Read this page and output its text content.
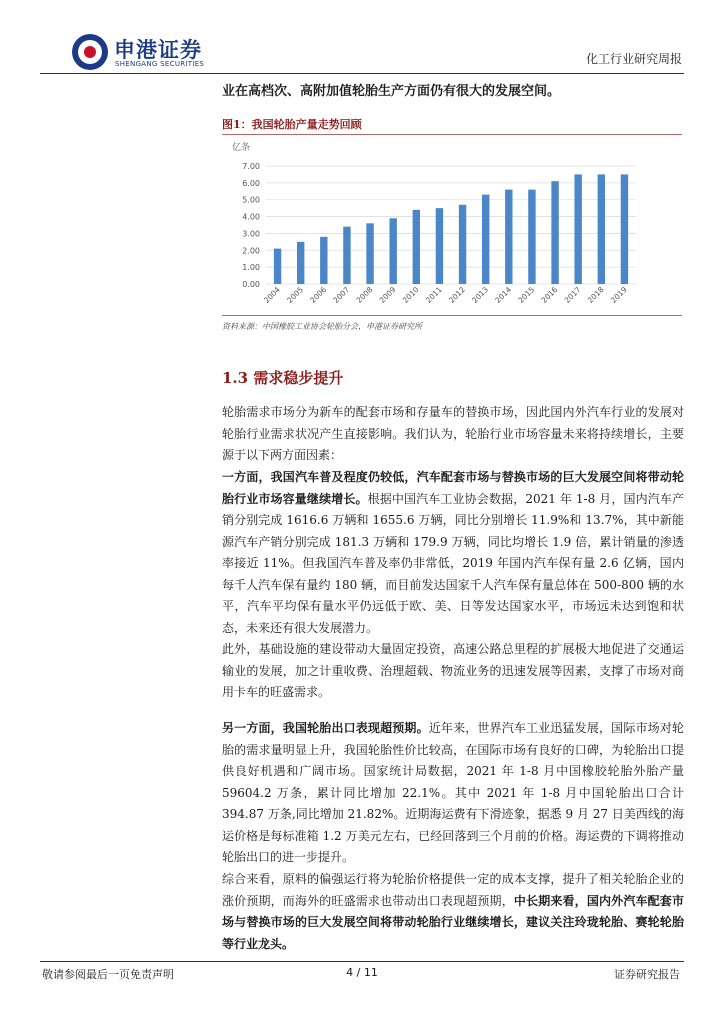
申港证券
SHENGANG SECURITIES	化工行业研究周报
业在高档次、高附加值轮胎生产方面仍有很大的发展空间。
图1：我国轮胎产量走势回顾
0.00
1.00
2.00
3.00
4.00
5.00
6.00
7.00
2004 2005 2006 2007 2008 2009 2010 2011 2012 2013 2014 2015 2016 2017 2018 2019
亿条
资料来源：中国橡胶工业协会轮胎分会，申港证券研究所
1.3 需求稳步提升

轮胎需求市场分为新车的配套市场和存量车的替换市场，因此国内外汽车行业的发展对轮胎行业需求状况产生直接影响。我们认为，轮胎行业市场容量未来将持续增长，主要源于以下两方面因素：

一方面，我国汽车普及程度仍较低，汽车配套市场与替换市场的巨大发展空间将带动轮胎行业市场容量继续增长。根据中国汽车工业协会数据，2021 年 1-8 月，国内汽车产销分别完成 1616.6 万辆和 1655.6 万辆，同比分别增长 11.9%和 13.7%，其中新能源汽车产销分别完成 181.3 万辆和 179.9 万辆，同比均增长 1.9 倍，累计销量的渗透率接近 11%。但我国汽车普及率仍非常低，2019 年国内汽车保有量 2.6 亿辆，国内每千人汽车保有量约 180 辆，而目前发达国家千人汽车保有量总体在 500-800 辆的水平，汽车平均保有量水平仍远低于欧、美、日等发达国家水平，市场远未达到饱和状态，未来还有很大发展潜力。

此外，基础设施的建设带动大量固定投资，高速公路总里程的扩展极大地促进了交通运输业的发展，加之计重收费、治理超载、物流业务的迅速发展等因素，支撑了市场对商用卡车的旺盛需求。

另一方面，我国轮胎出口表现超预期。近年来，世界汽车工业迅猛发展，国际市场对轮胎的需求量明显上升，我国轮胎性价比较高，在国际市场有良好的口碑，为轮胎出口提供良好机遇和广阔市场。国家统计局数据，2021 年 1-8 月中国橡胶轮胎外胎产量 59604.2 万条，累计同比增加 22.1%。其中 2021 年 1-8 月中国轮胎出口合计 394.87 万条,同比增加 21.82%。近期海运费有下滑迹象，据悉 9 月 27 日美西线的海运价格是每标准箱 1.2 万美元左右，已经回落到三个月前的价格。海运费的下调将推动轮胎出口的进一步提升。

综合来看，原料的偏强运行将为轮胎价格提供一定的成本支撑，提升了相关轮胎企业的涨价预期，而海外的旺盛需求也带动出口表现超预期，中长期来看，国内外汽车配套市场与替换市场的巨大发展空间将带动轮胎行业继续增长，建议关注玲珑轮胎、赛轮轮胎等行业龙头。

敬请参阅最后一页免责声明	4 / 11	证券研究报告
